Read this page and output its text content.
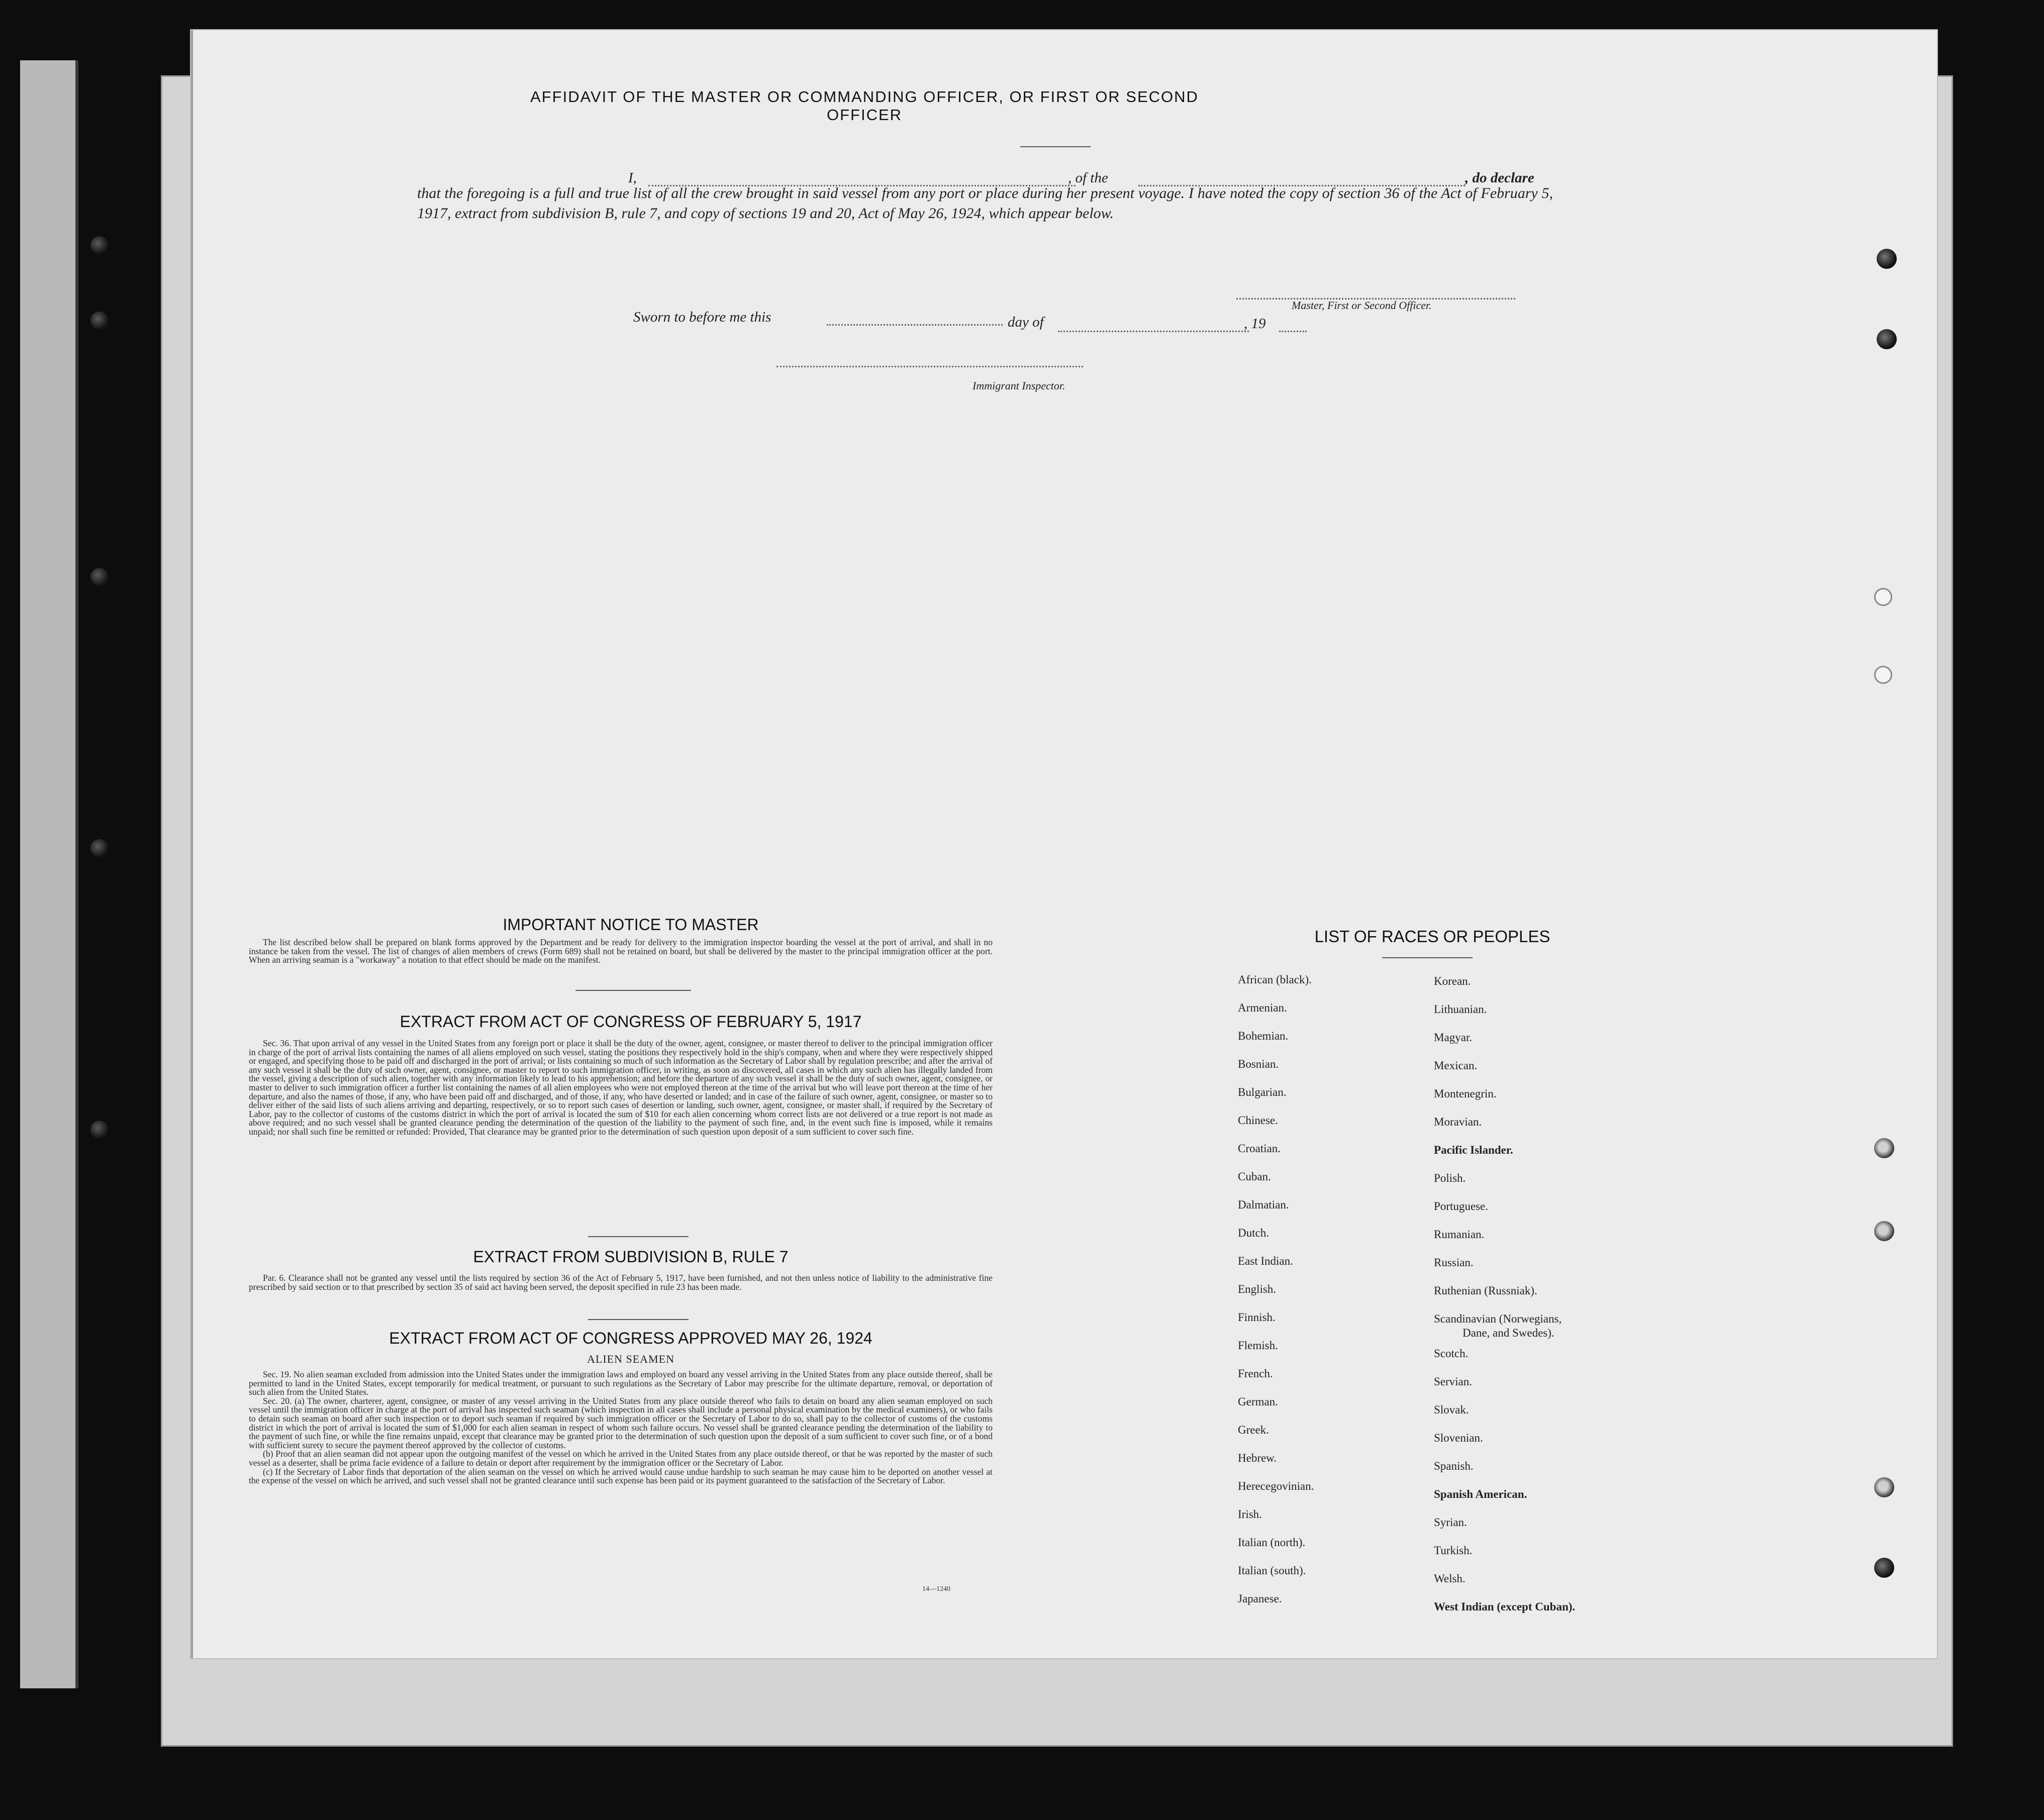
AFFIDAVIT OF THE MASTER OR COMMANDING OFFICER, OR FIRST OR SECOND OFFICER
I,	, of the	, do declare
that the foregoing is a full and true list of all the crew brought in said vessel from any port or place during her present voyage. I have noted the copy of section 36 of the Act of February 5, 1917, extract from subdivision B, rule 7, and copy of sections 19 and 20, Act of May 26, 1924, which appear below.
Master, First or Second Officer.
Sworn to before me this	day of	, 19
Immigrant Inspector.
IMPORTANT NOTICE TO MASTER

The list described below shall be prepared on blank forms approved by the Department and be ready for delivery to the immigration inspector boarding the vessel at the port of arrival, and shall in no instance be taken from the vessel. The list of changes of alien members of crews (Form 689) shall not be retained on board, but shall be delivered by the master to the principal immigration officer at the port. When an arriving seaman is a "workaway" a notation to that effect should be made on the manifest.

EXTRACT FROM ACT OF CONGRESS OF FEBRUARY 5, 1917

Sec. 36. That upon arrival of any vessel in the United States from any foreign port or place it shall be the duty of the owner, agent, consignee, or master thereof to deliver to the principal immigration officer in charge of the port of arrival lists containing the names of all aliens employed on such vessel, stating the positions they respectively hold in the ship's company, when and where they were respectively shipped or engaged, and specifying those to be paid off and discharged in the port of arrival; or lists containing so much of such information as the Secretary of Labor shall by regulation prescribe; and after the arrival of any such vessel it shall be the duty of such owner, agent, consignee, or master to report to such immigration officer, in writing, as soon as discovered, all cases in which any such alien has illegally landed from the vessel, giving a description of such alien, together with any information likely to lead to his apprehension; and before the departure of any such vessel it shall be the duty of such owner, agent, consignee, or master to deliver to such immigration officer a further list containing the names of all alien employees who were not employed thereon at the time of the arrival but who will leave port thereon at the time of her departure, and also the names of those, if any, who have been paid off and discharged, and of those, if any, who have deserted or landed; and in case of the failure of such owner, agent, consignee, or master so to deliver either of the said lists of such aliens arriving and departing, respectively, or so to report such cases of desertion or landing, such owner, agent, consignee, or master shall, if required by the Secretary of Labor, pay to the collector of customs of the customs district in which the port of arrival is located the sum of $10 for each alien concerning whom correct lists are not delivered or a true report is not made as above required; and no such vessel shall be granted clearance pending the determination of the question of the liability to the payment of such fine, and, in the event such fine is imposed, while it remains unpaid; nor shall such fine be remitted or refunded: Provided, That clearance may be granted prior to the determination of such question upon deposit of a sum sufficient to cover such fine.

EXTRACT FROM SUBDIVISION B, RULE 7

Par. 6. Clearance shall not be granted any vessel until the lists required by section 36 of the Act of February 5, 1917, have been furnished, and not then unless notice of liability to the administrative fine prescribed by said section or to that prescribed by section 35 of said act having been served, the deposit specified in rule 23 has been made.

EXTRACT FROM ACT OF CONGRESS APPROVED MAY 26, 1924
ALIEN SEAMEN

Sec. 19. No alien seaman excluded from admission into the United States under the immigration laws and employed on board any vessel arriving in the United States from any place outside thereof, shall be permitted to land in the United States, except temporarily for medical treatment, or pursuant to such regulations as the Secretary of Labor may prescribe for the ultimate departure, removal, or deportation of such alien from the United States.

Sec. 20. (a) The owner, charterer, agent, consignee, or master of any vessel arriving in the United States from any place outside thereof who fails to detain on board any alien seaman employed on such vessel until the immigration officer in charge at the port of arrival has inspected such seaman (which inspection in all cases shall include a personal physical examination by the medical examiners), or who fails to detain such seaman on board after such inspection or to deport such seaman if required by such immigration officer or the Secretary of Labor to do so, shall pay to the collector of customs of the customs district in which the port of arrival is located the sum of $1,000 for each alien seaman in respect of whom such failure occurs. No vessel shall be granted clearance pending the determination of the liability to the payment of such fine, or while the fine remains unpaid, except that clearance may be granted prior to the determination of such question upon the deposit of a sum sufficient to cover such fine, or of a bond with sufficient surety to secure the payment thereof approved by the collector of customs.

(b) Proof that an alien seaman did not appear upon the outgoing manifest of the vessel on which he arrived in the United States from any place outside thereof, or that he was reported by the master of such vessel as a deserter, shall be prima facie evidence of a failure to detain or deport after requirement by the immigration officer or the Secretary of Labor.

(c) If the Secretary of Labor finds that deportation of the alien seaman on the vessel on which he arrived would cause undue hardship to such seaman he may cause him to be deported on another vessel at the expense of the vessel on which he arrived, and such vessel shall not be granted clearance until such expense has been paid or its payment guaranteed to the satisfaction of the Secretary of Labor.

14—1240
LIST OF RACES OR PEOPLES
African (black).
Armenian.
Bohemian.
Bosnian.
Bulgarian.
Chinese.
Croatian.
Cuban.
Dalmatian.
Dutch.
East Indian.
English.
Finnish.
Flemish.
French.
German.
Greek.
Hebrew.
Herecegovinian.
Irish.
Italian (north).
Italian (south).
Japanese.
Korean.
Lithuanian.
Magyar.
Mexican.
Montenegrin.
Moravian.
Pacific Islander.
Polish.
Portuguese.
Rumanian.
Russian.
Ruthenian (Russniak).
Scandinavian (Norwegians,
Dane, and Swedes).
Scotch.
Servian.
Slovak.
Slovenian.
Spanish.
Spanish American.
Syrian.
Turkish.
Welsh.
West Indian (except Cuban).
